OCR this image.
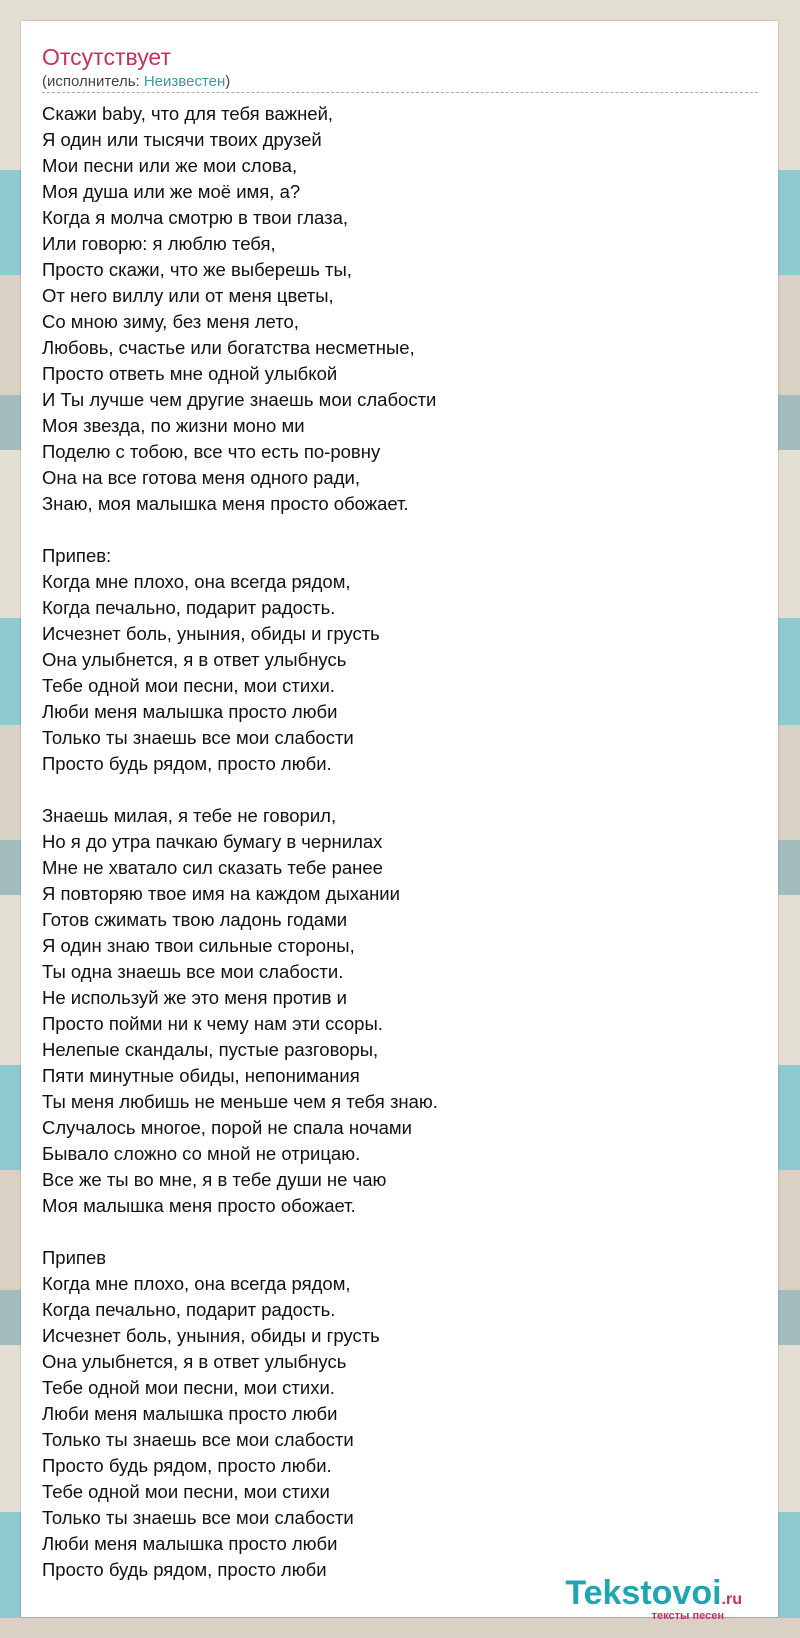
Отсутствует
(исполнитель: Неизвестен)
Скажи baby, что для тебя важней,
Я один или тысячи твоих друзей
Мои песни или же мои слова,
Моя душа или же моё имя, а?
Когда я молча смотрю в твои глаза,
Или говорю: я люблю тебя,
Просто скажи, что же выберешь ты,
От него виллу или от меня цветы,
Со мною зиму, без меня лето,
Любовь, счастье или богатства несметные,
Просто ответь мне одной улыбкой
И Ты лучше чем другие знаешь мои слабости
Моя звезда, по жизни моно ми
Поделю с тобою, все что есть по-ровну
Она на все готова меня одного ради,
Знаю, моя малышка меня просто обожает.
Припев:
Когда мне плохо, она всегда рядом,
Когда печально, подарит радость.
Исчезнет боль, уныния, обиды и грусть
Она улыбнется, я в ответ улыбнусь
Тебе одной мои песни, мои стихи.
Люби меня малышка просто люби
Только ты знаешь все мои слабости
Просто будь рядом, просто люби.
Знаешь милая, я тебе не говорил,
Но я до утра пачкаю бумагу в чернилах
Мне не хватало сил сказать тебе ранее
Я повторяю твое имя на каждом дыхании
Готов сжимать твою ладонь годами
Я один знаю твои сильные стороны,
Ты одна знаешь все мои слабости.
Не используй же это меня против и
Просто пойми ни к чему нам эти ссоры.
Нелепые скандалы, пустые разговоры,
Пяти минутные обиды, непонимания
Ты меня любишь не меньше чем я тебя знаю.
Случалось многое, порой не спала ночами
Бывало сложно со мной не отрицаю.
Все же ты во мне, я в тебе души не чаю
Моя малышка меня просто обожает.
Припев
Когда мне плохо, она всегда рядом,
Когда печально, подарит радость.
Исчезнет боль, уныния, обиды и грусть
Она улыбнется, я в ответ улыбнусь
Тебе одной мои песни, мои стихи.
Люби меня малышка просто люби
Только ты знаешь все мои слабости
Просто будь рядом, просто люби.
Тебе одной мои песни, мои стихи
Только ты знаешь все мои слабости
Люби меня малышка просто люби
Просто будь рядом, просто люби
Tekstovoi.ru
тексты песен
